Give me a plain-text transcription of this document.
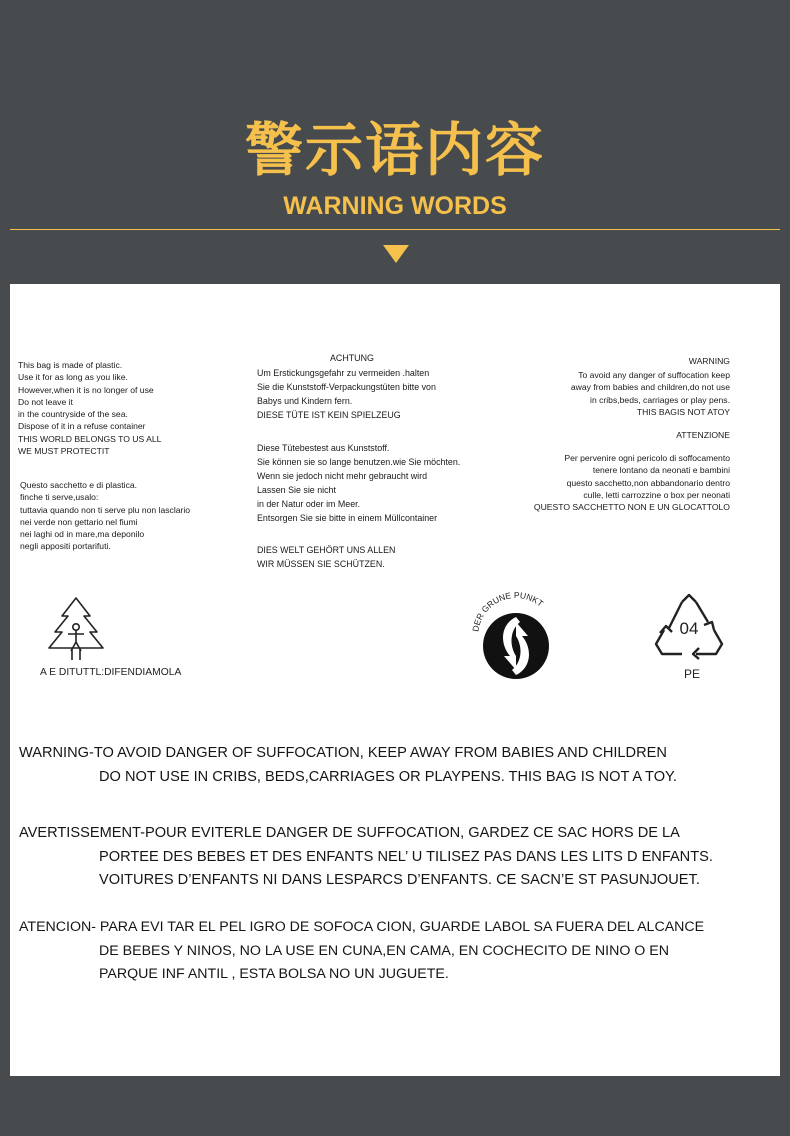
警示语内容
WARNING WORDS
This bag is made of plastic.
Use it for as long as you like.
However,when it is no longer of use
Do not leave it
in the countryside of the sea.
Dispose of it in a refuse container
THIS WORLD BELONGS TO US ALL
WE MUST PROTECTIT
Questo sacchetto e di plastica.
finche ti serve,usalo:
tuttavia quando non ti serve plu non lasclario
nei verde non gettario nel fiumi
nei laghi od in mare,ma deponilo
negli appositi portarifuti.
ACHTUNG
Um Erstickungsgefahr zu vermeiden .halten
Sie die Kunststoff-Verpackungstüten bitte von
Babys und Kindern fern.
DIESE TÜTE IST KEIN SPIELZEUG
Diese Tütebestest aus Kunststoff.
Sie können sie so lange benutzen.wie Sie möchten.
Wenn sie jedoch nicht mehr gebraucht wird
Lassen Sie sie nicht
in der Natur oder im Meer.
Entsorgen Sie sie bitte in einem Müllcontainer
DIES WELT GEHÖRT UNS ALLEN
WIR MÜSSEN SIE SCHÜTZEN.
WARNING
To avoid any danger of suffocation keep
away from babies and children,do not use
in cribs,beds, carriages or play pens.
THIS BAGIS NOT ATOY
ATTENZIONE
Per pervenire ogni pericolo di soffocamento
tenere lontano da neonati e bambini
questo sacchetto,non abbandonario dentro
culle, letti carrozzine o box per neonati
QUESTO SACCHETTO NON E UN GLOCATTOLO
A E DITUTTL:DIFENDIAMOLA
DER GRUNE PUNKT
04
PE
WARNING-TO AVOID DANGER OF SUFFOCATION, KEEP AWAY FROM BABIES AND CHILDREN
DO NOT USE IN CRIBS, BEDS,CARRIAGES OR PLAYPENS. THIS BAG IS NOT A TOY.
AVERTISSEMENT-POUR EVITERLE DANGER DE SUFFOCATION, GARDEZ CE SAC HORS DE LA
PORTEE DES BEBES ET DES ENFANTS NEL’ U TILISEZ PAS DANS LES LITS D ENFANTS.
VOITURES D’ENFANTS NI DANS LESPARCS D’ENFANTS. CE SACN’E ST PASUNJOUET.
ATENCION- PARA EVI TAR EL PEL IGRO DE SOFOCA CION, GUARDE LABOL SA FUERA DEL ALCANCE
DE BEBES Y NINOS, NO LA USE EN CUNA,EN CAMA, EN COCHECITO DE NINO O EN
PARQUE INF ANTIL , ESTA BOLSA NO UN JUGUETE.
